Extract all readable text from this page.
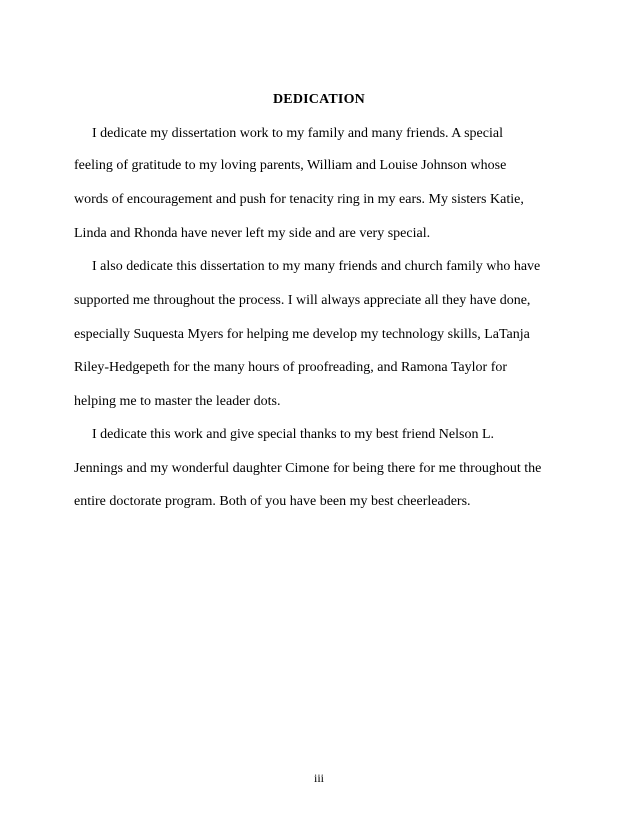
DEDICATION
I dedicate my dissertation work to my family and many friends. A special
feeling of gratitude to my loving parents, William and Louise Johnson whose
words of encouragement and push for tenacity ring in my ears. My sisters Katie,
Linda and Rhonda have never left my side and are very special.
I also dedicate this dissertation to my many friends and church family who have
supported me throughout the process. I will always appreciate all they have done,
especially Suquesta Myers for helping me develop my technology skills, LaTanja
Riley-Hedgepeth for the many hours of proofreading, and Ramona Taylor for
helping me to master the leader dots.
I dedicate this work and give special thanks to my best friend Nelson L.
Jennings and my wonderful daughter Cimone for being there for me throughout the
entire doctorate program. Both of you have been my best cheerleaders.
iii
